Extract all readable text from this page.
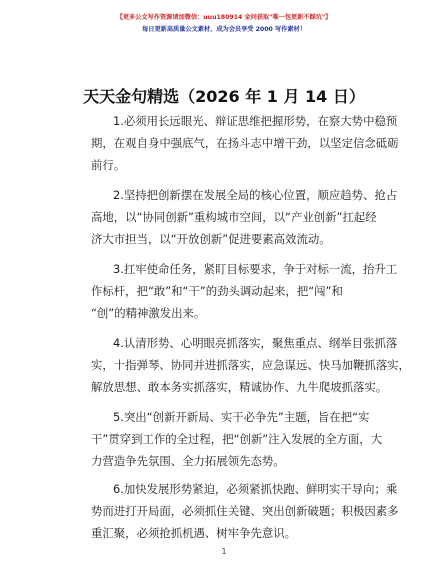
【更多公文写作资源请加微信：uuu180914 金问获取"唯一包更新不踩坑"】
每日更新高质量公文素材，成为会员享受 2000 写作素材！
天天金句精选（2026 年 1 月 14 日）
1.必须用长远眼光、辩证思维把握形势，在察大势中稳预
期，在观自身中强底气，在扬斗志中增干劲，以坚定信念砥砺
前行。
2.坚持把创新摆在发展全局的核心位置，顺应趋势、抢占
高地，以“协同创新”重构城市空间，以“产业创新”扛起经
济大市担当，以“开放创新”促进要素高效流动。
3.扛牢使命任务，紧盯目标要求，争于对标一流，抬升工
作标杆，把“敢”和“干”的劲头调动起来，把“闯”和
“创”的精神激发出来。
4.认清形势、心明眼亮抓落实，聚焦重点、纲举目张抓落
实，十指弹琴、协同并进抓落实，应急谋远、快马加鞭抓落实，
解放思想、敢本务实抓落实，精诚协作、九牛爬坡抓落实。
5.突出“创新开新局、实干必争先”主题，旨在把“实
干”贯穿到工作的全过程，把“创新”注入发展的全方面，大
力营造争先氛围、全力拓展领先态势。
6.加快发展形势紧迫，必须紧抓快跑、鲜明实干导向；乘
势而进打开局面，必须抓住关键、突出创新破题；积极因素多
重汇聚，必须抢抓机遇、树牢争先意识。
1
